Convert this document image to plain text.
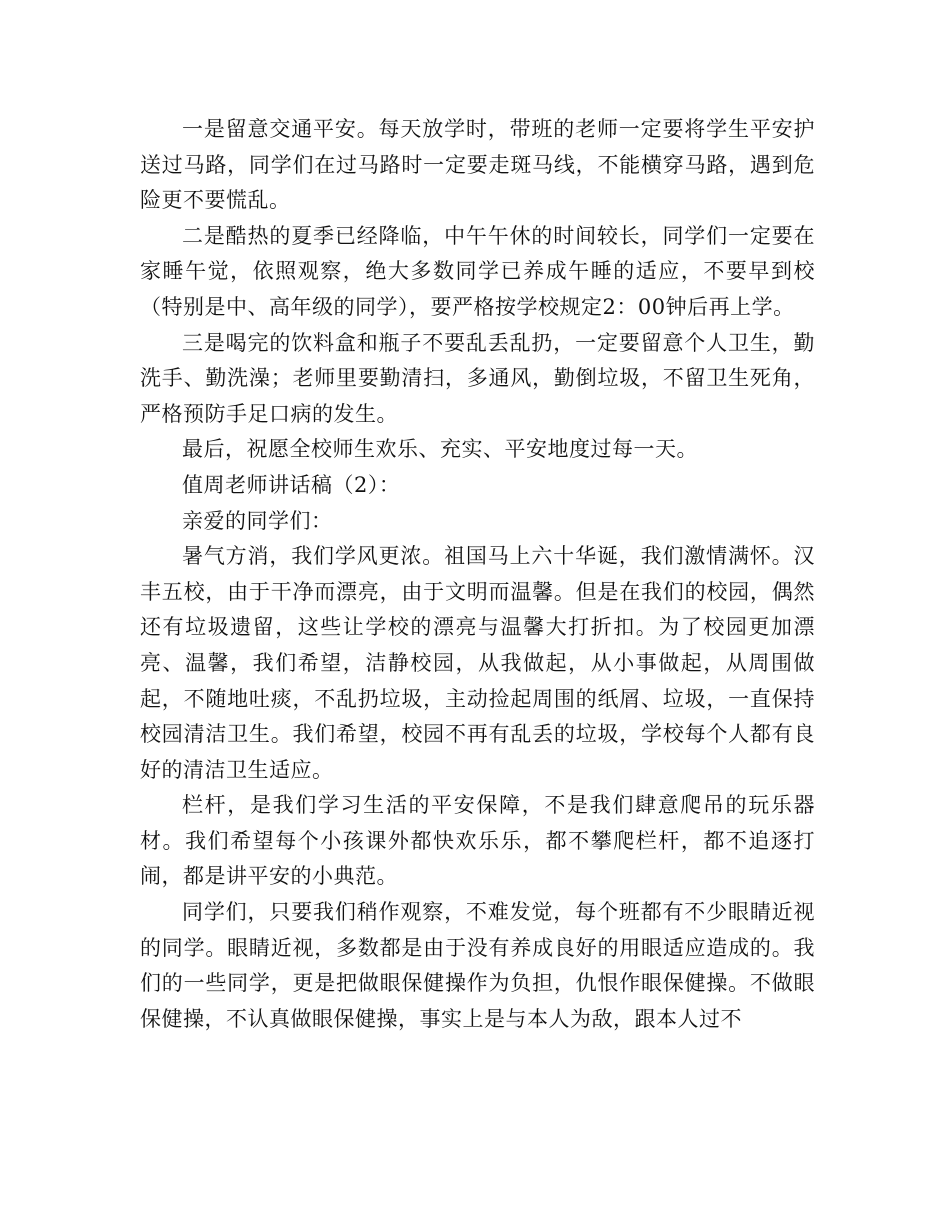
一是留意交通平安。每天放学时，带班的老师一定要将学生平安护送过马路，同学们在过马路时一定要走斑马线，不能横穿马路，遇到危险更不要慌乱。

二是酷热的夏季已经降临，中午午休的时间较长，同学们一定要在家睡午觉，依照观察，绝大多数同学已养成午睡的适应，不要早到校（特别是中、高年级的同学），要严格按学校规定2：00钟后再上学。

三是喝完的饮料盒和瓶子不要乱丢乱扔，一定要留意个人卫生，勤洗手、勤洗澡；老师里要勤清扫，多通风，勤倒垃圾，不留卫生死角，严格预防手足口病的发生。

最后，祝愿全校师生欢乐、充实、平安地度过每一天。

值周老师讲话稿（2）：

亲爱的同学们：

暑气方消，我们学风更浓。祖国马上六十华诞，我们激情满怀。汉丰五校，由于干净而漂亮，由于文明而温馨。但是在我们的校园，偶然还有垃圾遗留，这些让学校的漂亮与温馨大打折扣。为了校园更加漂亮、温馨，我们希望，洁静校园，从我做起，从小事做起，从周围做起，不随地吐痰，不乱扔垃圾，主动捡起周围的纸屑、垃圾，一直保持校园清洁卫生。我们希望，校园不再有乱丢的垃圾，学校每个人都有良好的清洁卫生适应。

栏杆，是我们学习生活的平安保障，不是我们肆意爬吊的玩乐器材。我们希望每个小孩课外都快欢乐乐，都不攀爬栏杆，都不追逐打闹，都是讲平安的小典范。

同学们，只要我们稍作观察，不难发觉，每个班都有不少眼睛近视的同学。眼睛近视，多数都是由于没有养成良好的用眼适应造成的。我们的一些同学，更是把做眼保健操作为负担，仇恨作眼保健操。不做眼保健操，不认真做眼保健操，事实上是与本人为敌，跟本人过不
